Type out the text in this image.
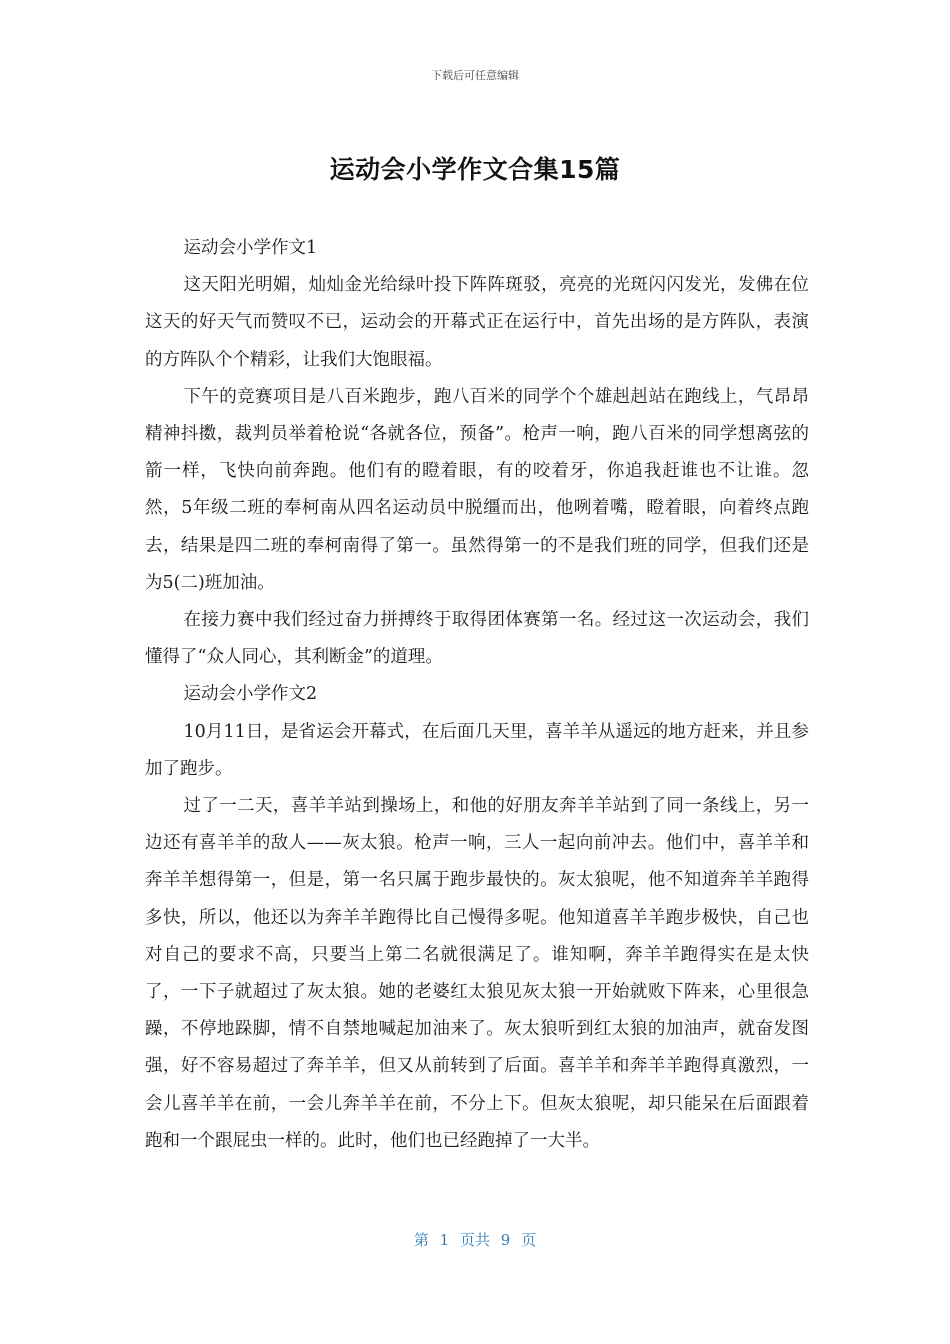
下载后可任意编辑
运动会小学作文合集15篇

运动会小学作文1

这天阳光明媚，灿灿金光给绿叶投下阵阵斑驳，亮亮的光斑闪闪发光，发佛在位这天的好天气而赞叹不已，运动会的开幕式正在运行中，首先出场的是方阵队，表演的方阵队个个精彩，让我们大饱眼福。

下午的竞赛项目是八百米跑步，跑八百米的同学个个雄赳赳站在跑线上，气昂昂精神抖擞，裁判员举着枪说“各就各位，预备”。枪声一响，跑八百米的同学想离弦的箭一样，飞快向前奔跑。他们有的瞪着眼，有的咬着牙，你追我赶谁也不让谁。忽然，5年级二班的奉柯南从四名运动员中脱缰而出，他咧着嘴，瞪着眼，向着终点跑去，结果是四二班的奉柯南得了第一。虽然得第一的不是我们班的同学，但我们还是为5(二)班加油。

在接力赛中我们经过奋力拼搏终于取得团体赛第一名。经过这一次运动会，我们懂得了“众人同心，其利断金”的道理。

运动会小学作文2

10月11日，是省运会开幕式，在后面几天里，喜羊羊从遥远的地方赶来，并且参加了跑步。

过了一二天，喜羊羊站到操场上，和他的好朋友奔羊羊站到了同一条线上，另一边还有喜羊羊的敌人——灰太狼。枪声一响，三人一起向前冲去。他们中，喜羊羊和奔羊羊想得第一，但是，第一名只属于跑步最快的。灰太狼呢，他不知道奔羊羊跑得多快，所以，他还以为奔羊羊跑得比自己慢得多呢。他知道喜羊羊跑步极快，自己也对自己的要求不高，只要当上第二名就很满足了。谁知啊，奔羊羊跑得实在是太快了，一下子就超过了灰太狼。她的老婆红太狼见灰太狼一开始就败下阵来，心里很急躁，不停地跺脚，情不自禁地喊起加油来了。灰太狼听到红太狼的加油声，就奋发图强，好不容易超过了奔羊羊，但又从前转到了后面。喜羊羊和奔羊羊跑得真激烈，一会儿喜羊羊在前，一会儿奔羊羊在前，不分上下。但灰太狼呢，却只能呆在后面跟着跑和一个跟屁虫一样的。此时，他们也已经跑掉了一大半。

第 1 页共 9 页
